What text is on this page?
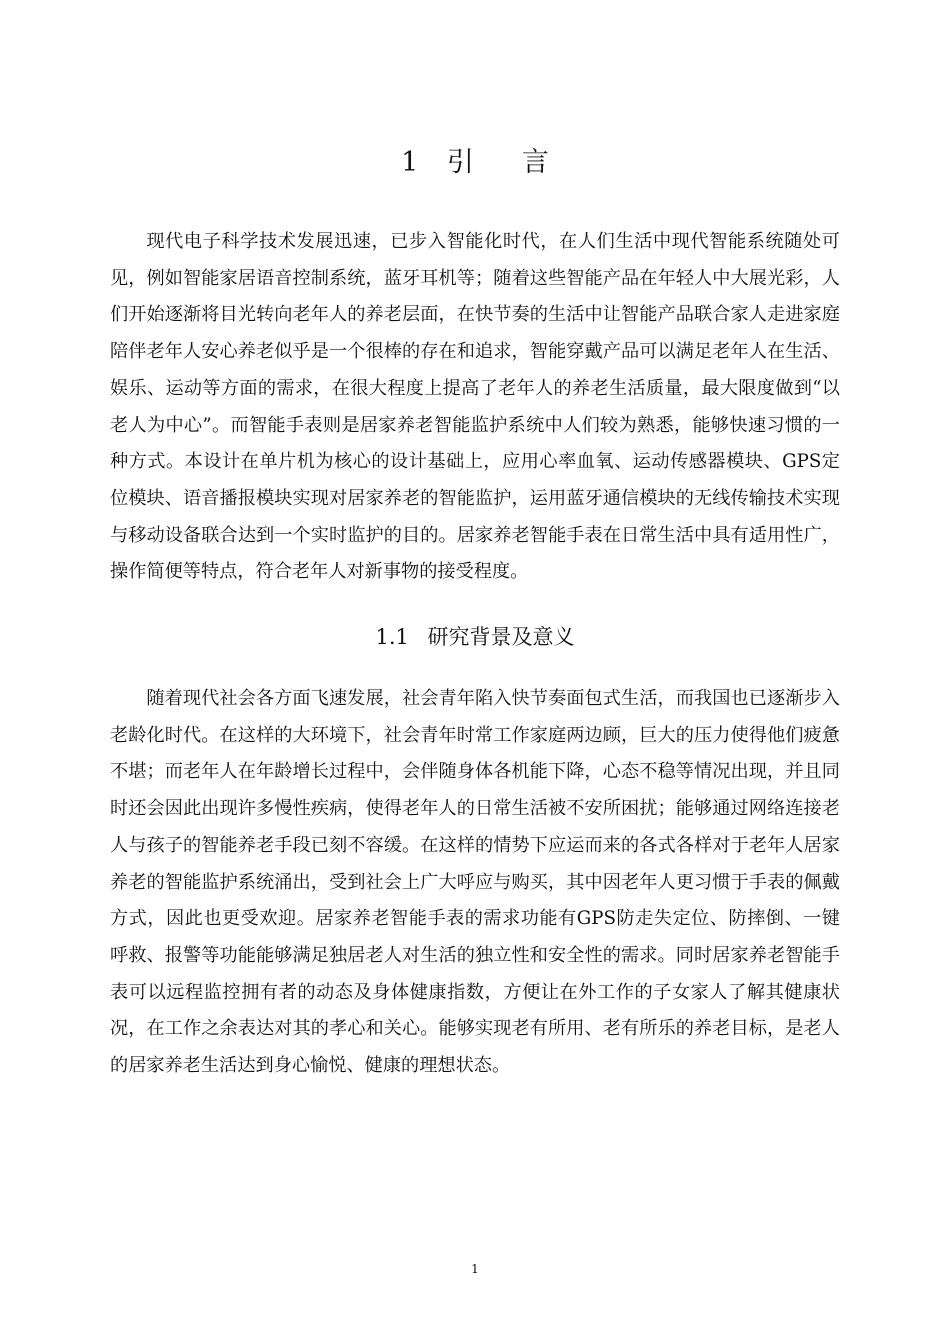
1 引言

现代电子科学技术发展迅速，已步入智能化时代，在人们生活中现代智能系统随处可见，例如智能家居语音控制系统，蓝牙耳机等；随着这些智能产品在年轻人中大展光彩，人们开始逐渐将目光转向老年人的养老层面，在快节奏的生活中让智能产品联合家人走进家庭陪伴老年人安心养老似乎是一个很棒的存在和追求，智能穿戴产品可以满足老年人在生活、娱乐、运动等方面的需求，在很大程度上提高了老年人的养老生活质量，最大限度做到“以老人为中心”。而智能手表则是居家养老智能监护系统中人们较为熟悉，能够快速习惯的一种方式。本设计在单片机为核心的设计基础上，应用心率血氧、运动传感器模块、GPS定位模块、语音播报模块实现对居家养老的智能监护，运用蓝牙通信模块的无线传输技术实现与移动设备联合达到一个实时监护的目的。居家养老智能手表在日常生活中具有适用性广，操作简便等特点，符合老年人对新事物的接受程度。

1.1 研究背景及意义

随着现代社会各方面飞速发展，社会青年陷入快节奏面包式生活，而我国也已逐渐步入老龄化时代。在这样的大环境下，社会青年时常工作家庭两边顾，巨大的压力使得他们疲惫不堪；而老年人在年龄增长过程中，会伴随身体各机能下降，心态不稳等情况出现，并且同时还会因此出现许多慢性疾病，使得老年人的日常生活被不安所困扰；能够通过网络连接老人与孩子的智能养老手段已刻不容缓。在这样的情势下应运而来的各式各样对于老年人居家养老的智能监护系统涌出，受到社会上广大呼应与购买，其中因老年人更习惯于手表的佩戴方式，因此也更受欢迎。居家养老智能手表的需求功能有GPS防走失定位、防摔倒、一键呼救、报警等功能能够满足独居老人对生活的独立性和安全性的需求。同时居家养老智能手表可以远程监控拥有者的动态及身体健康指数，方便让在外工作的子女家人了解其健康状况，在工作之余表达对其的孝心和关心。能够实现老有所用、老有所乐的养老目标，是老人的居家养老生活达到身心愉悦、健康的理想状态。

1
